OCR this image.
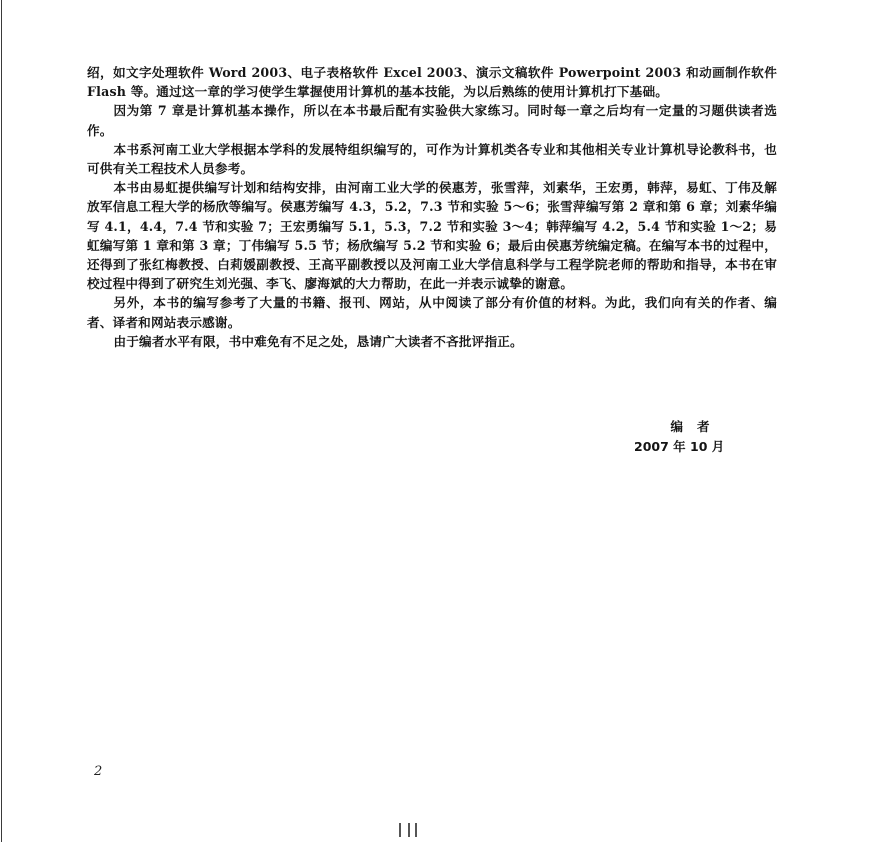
绍，如文字处理软件 Word 2003、电子表格软件 Excel 2003、演示文稿软件 Powerpoint 2003 和动画制作软件 Flash 等。通过这一章的学习使学生掌握使用计算机的基本技能，为以后熟练的使用计算机打下基础。

因为第 7 章是计算机基本操作，所以在本书最后配有实验供大家练习。同时每一章之后均有一定量的习题供读者选作。

本书系河南工业大学根据本学科的发展特组织编写的，可作为计算机类各专业和其他相关专业计算机导论教科书，也可供有关工程技术人员参考。

本书由易虹提供编写计划和结构安排，由河南工业大学的侯惠芳，张雪萍，刘素华，王宏勇，韩萍，易虹、丁伟及解放军信息工程大学的杨欣等编写。侯惠芳编写 4.3，5.2，7.3 节和实验 5～6；张雪萍编写第 2 章和第 6 章；刘素华编写 4.1，4.4，7.4 节和实验 7；王宏勇编写 5.1，5.3，7.2 节和实验 3～4；韩萍编写 4.2，5.4 节和实验 1～2；易虹编写第 1 章和第 3 章；丁伟编写 5.5 节；杨欣编写 5.2 节和实验 6；最后由侯惠芳统编定稿。在编写本书的过程中，还得到了张红梅教授、白莉媛副教授、王高平副教授以及河南工业大学信息科学与工程学院老师的帮助和指导，本书在审校过程中得到了研究生刘光强、李飞、廖海斌的大力帮助，在此一并表示诚挚的谢意。

另外，本书的编写参考了大量的书籍、报刊、网站，从中阅读了部分有价值的材料。为此，我们向有关的作者、编者、译者和网站表示感谢。

由于编者水平有限，书中难免有不足之处，恳请广大读者不吝批评指正。

编者
2007 年 10 月
2
